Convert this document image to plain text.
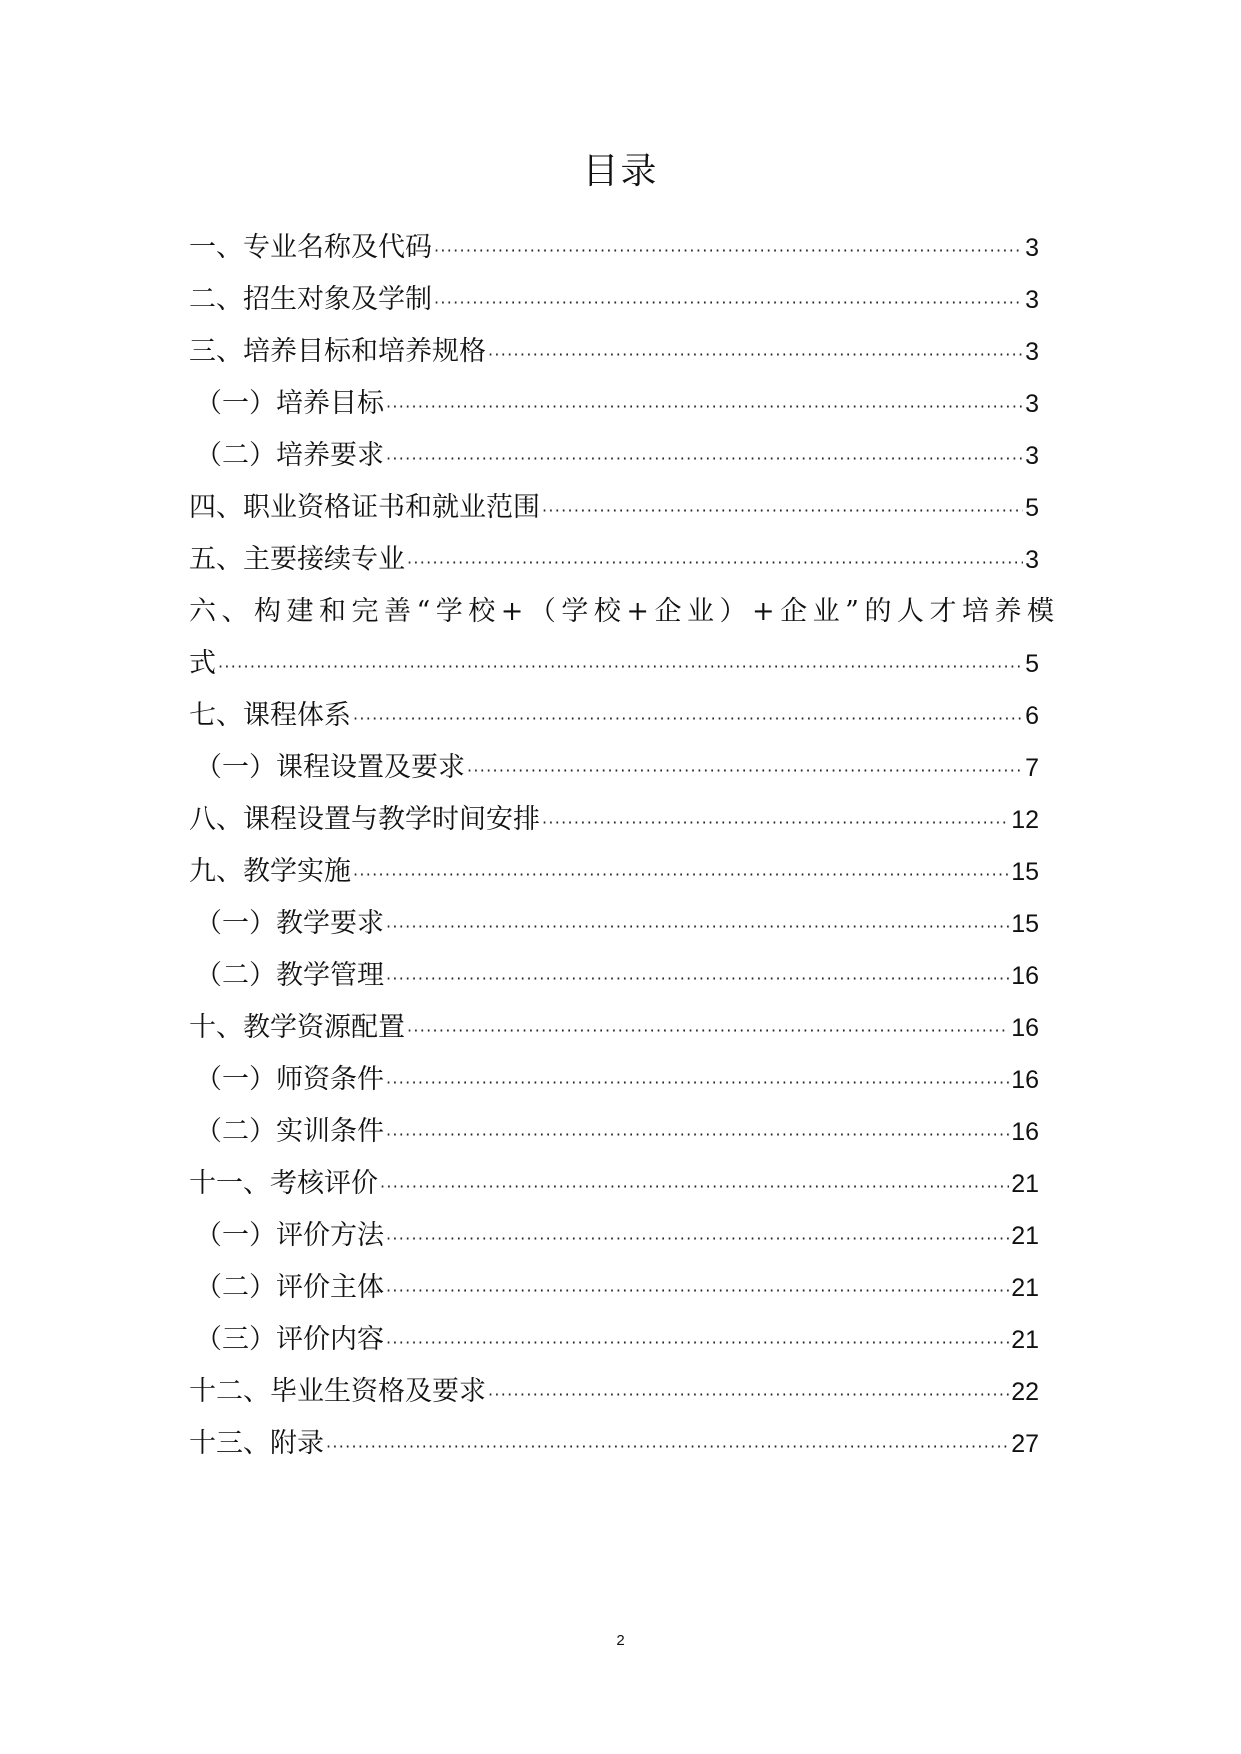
目录
一、专业名称及代码 ·····	3
二、招生对象及学制 ·····	3
三、培养目标和培养规格 ·····	3
（一）培养目标 ·····	3
（二）培养要求 ·····	3
四、职业资格证书和就业范围 ·····	5
五、主要接续专业 ·····	3
六、构建和完善“学校+（学校+企业）+企业”的人才培养模
式 ·····	5
七、课程体系 ·····	6
（一）课程设置及要求 ·····	7
八、课程设置与教学时间安排 ·····	12
九、教学实施 ·····	15
（一）教学要求 ·····	15
（二）教学管理 ·····	16
十、教学资源配置 ·····	16
（一）师资条件 ·····	16
（二）实训条件 ·····	16
十一、考核评价 ·····	21
（一）评价方法 ·····	21
（二）评价主体 ·····	21
（三）评价内容 ·····	21
十二、毕业生资格及要求 ·····	22
十三、附录 ·····	27
2
